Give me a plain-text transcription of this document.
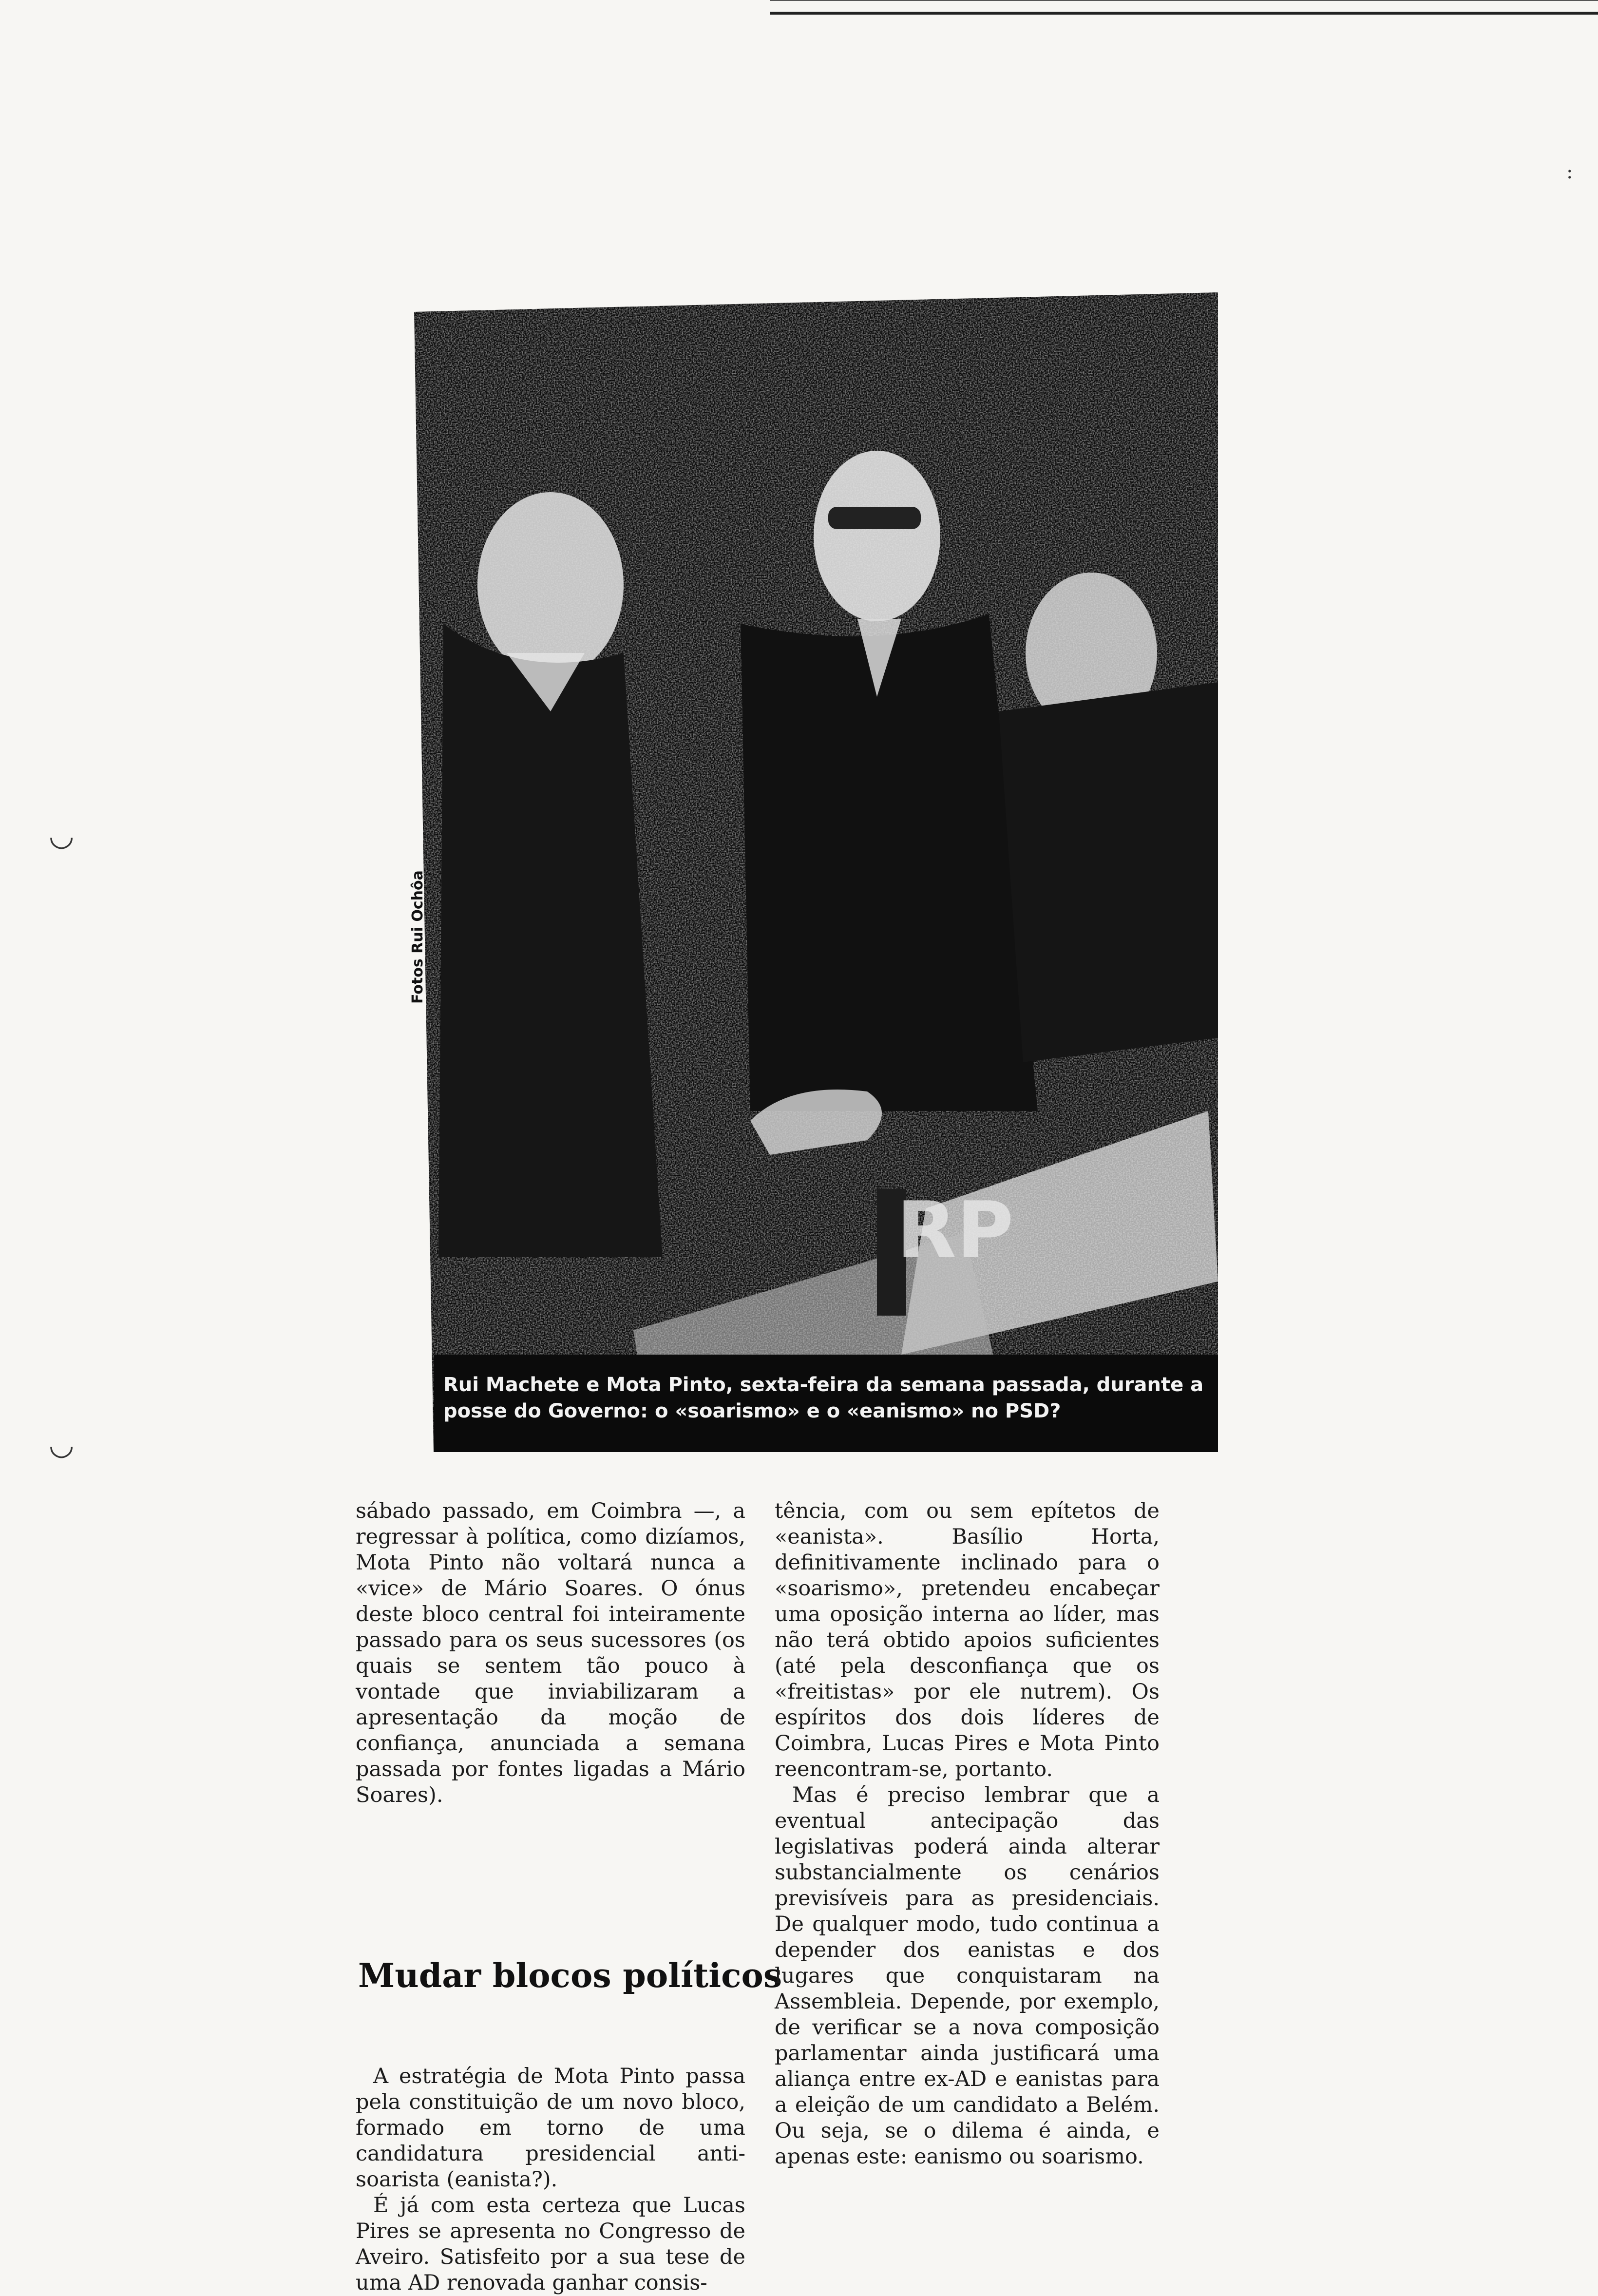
:
◡
◡
RP
Fotos Rui Ochôa
Rui Machete e Mota Pinto, sexta-feira da semana passada, durante a posse do Governo: o «soarismo» e o «eanismo» no PSD?

sábado passado, em Coimbra —, a regressar à política, como dizíamos, Mota Pinto não voltará nunca a «vice» de Mário Soares. O ónus deste bloco central foi inteiramente passado para os seus sucessores (os quais se sentem tão pouco à vontade que inviabilizaram a apresentação da moção de confiança, anunciada a semana passada por fontes ligadas a Mário Soares).

Mudar blocos políticos

A estratégia de Mota Pinto passa pela constituição de um novo bloco, formado em torno de uma candidatura presidencial anti-soarista (eanista?).

É já com esta certeza que Lucas Pires se apresenta no Congresso de Aveiro. Satisfeito por a sua tese de uma AD renovada ganhar consis-

tência, com ou sem epítetos de «eanista». Basílio Horta, definitivamente inclinado para o «soarismo», pretendeu encabeçar uma oposição interna ao líder, mas não terá obtido apoios suficientes (até pela desconfiança que os «freitistas» por ele nutrem). Os espíritos dos dois líderes de Coimbra, Lucas Pires e Mota Pinto reencontram-se, portanto.

Mas é preciso lembrar que a eventual antecipação das legislativas poderá ainda alterar substancialmente os cenários previsíveis para as presidenciais. De qualquer modo, tudo continua a depender dos eanistas e dos lugares que conquistaram na Assembleia. Depende, por exemplo, de verificar se a nova composição parlamentar ainda justificará uma aliança entre ex-AD e eanistas para a eleição de um candidato a Belém. Ou seja, se o dilema é ainda, e apenas este: eanismo ou soarismo.
